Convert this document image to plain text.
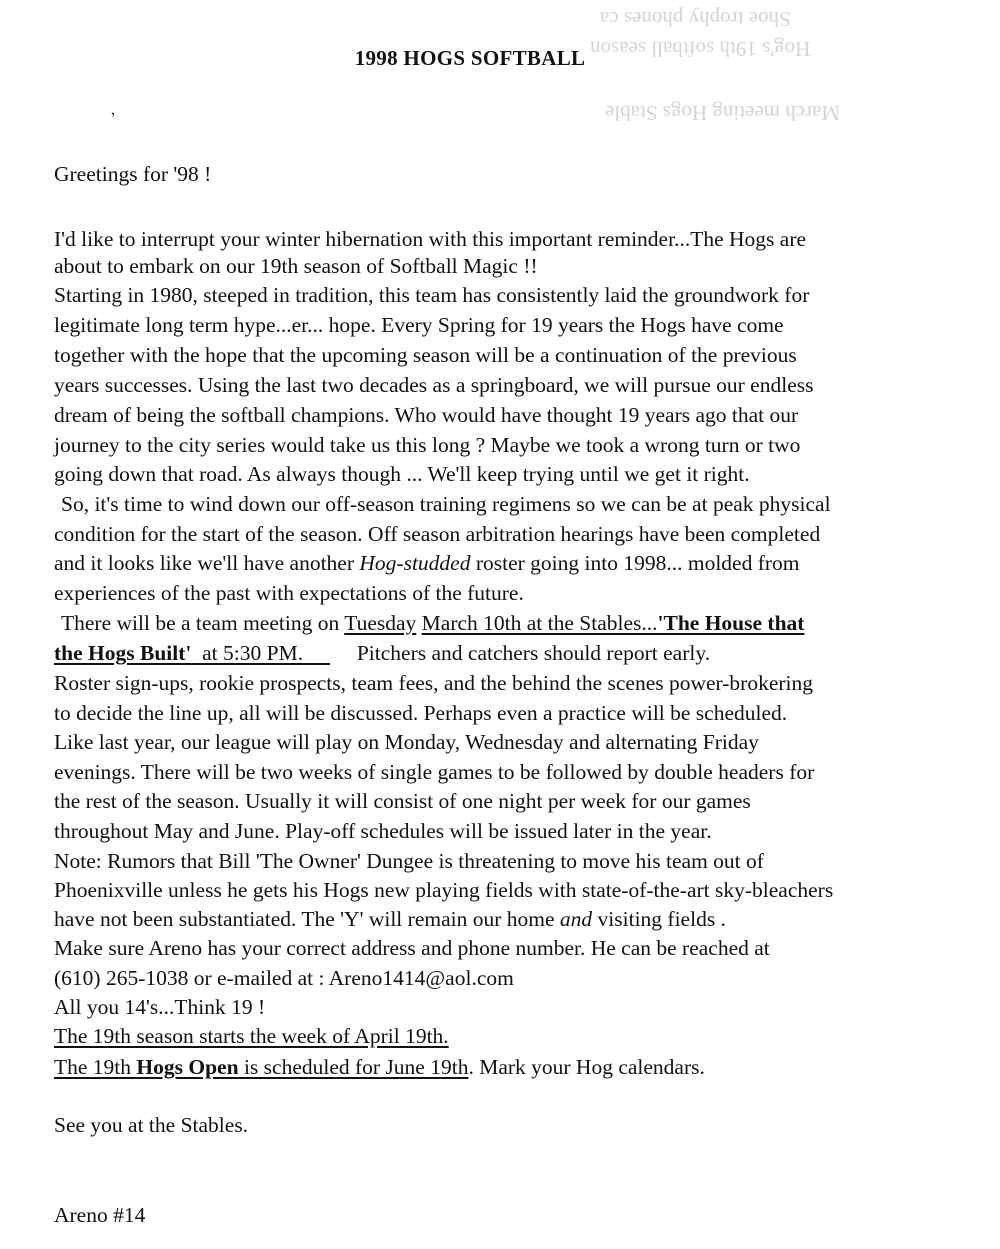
Shoe trophy phones ca
Hog's 19th softball season
March meeting Hogs Stable
1998 HOGS SOFTBALL
’
Greetings for '98 !
I'd like to interrupt your winter hibernation with this important reminder...The Hogs are
about to embark on our 19th season of Softball Magic !!
Starting in 1980, steeped in tradition, this team has consistently laid the groundwork for
legitimate long term hype...er... hope. Every Spring for 19 years the Hogs have come
together with the hope that the upcoming season will be a continuation of the previous
years successes. Using the last two decades as a springboard, we will pursue our endless
dream of being the softball champions. Who would have thought 19 years ago that our
journey to the city series would take us this long ? Maybe we took a wrong turn or two
going down that road. As always though ... We'll keep trying until we get it right.
So, it's time to wind down our off-season training regimens so we can be at peak physical
condition for the start of the season. Off season arbitration hearings have been completed
and it looks like we'll have another Hog-studded roster going into 1998... molded from
experiences of the past with expectations of the future.
There will be a team meeting on Tuesday March 10th at the Stables...'The House that
the Hogs Built'  at 5:30 PM.          Pitchers and catchers should report early.
Roster sign-ups, rookie prospects, team fees, and the behind the scenes power-brokering
to decide the line up, all will be discussed. Perhaps even a practice will be scheduled.
Like last year, our league will play on Monday, Wednesday and alternating Friday
evenings. There will be two weeks of single games to be followed by double headers for
the rest of the season. Usually it will consist of one night per week for our games
throughout May and June. Play-off schedules will be issued later in the year.
Note: Rumors that Bill 'The Owner' Dungee is threatening to move his team out of
Phoenixville unless he gets his Hogs new playing fields with state-of-the-art sky-bleachers
have not been substantiated. The 'Y' will remain our home and visiting fields .
Make sure Areno has your correct address and phone number. He can be reached at
(610) 265-1038 or e-mailed at : Areno1414@aol.com
All you 14's...Think 19 !
The 19th season starts the week of April 19th.
The 19th Hogs Open is scheduled for June 19th. Mark your Hog calendars.
See you at the Stables.
Areno #14
